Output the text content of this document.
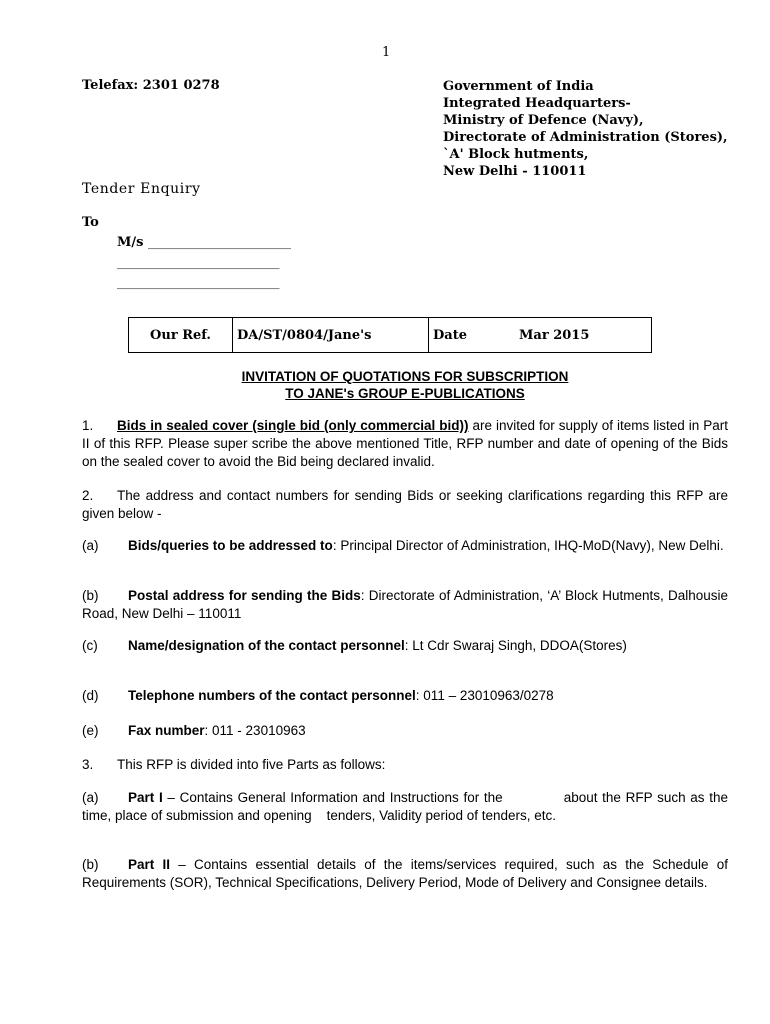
1
Telefax: 2301 0278	Government of India
Integrated Headquarters-
Ministry of Defence (Navy),
Directorate of Administration (Stores),
`A' Block hutments,
New Delhi - 110011
Tender Enquiry
To
M/s ______________________
_________________________
_________________________
Our Ref.	DA/ST/0804/Jane's	Date	Mar 2015
INVITATION OF QUOTATIONS FOR SUBSCRIPTION
TO JANE's GROUP E-PUBLICATIONS
1. Bids in sealed cover (single bid (only commercial bid)) are invited for supply of items listed in Part II of this RFP. Please super scribe the above mentioned Title, RFP number and date of opening of the Bids on the sealed cover to avoid the Bid being declared invalid.
2. The address and contact numbers for sending Bids or seeking clarifications regarding this RFP are given below -
(a) Bids/queries to be addressed to: Principal Director of Administration, IHQ-MoD(Navy), New Delhi.
(b) Postal address for sending the Bids: Directorate of Administration, ‘A’ Block Hutments, Dalhousie Road, New Delhi – 110011
(c) Name/designation of the contact personnel: Lt Cdr Swaraj Singh, DDOA(Stores)
(d) Telephone numbers of the contact personnel: 011 – 23010963/0278
(e) Fax number: 011 - 23010963
3. This RFP is divided into five Parts as follows:
(a) Part I – Contains General Information and Instructions for the             about the RFP such as the time, place of submission and opening    tenders, Validity period of tenders, etc.
(b) Part II – Contains essential details of the items/services required, such as the Schedule of Requirements (SOR), Technical Specifications, Delivery Period, Mode of Delivery and Consignee details.
